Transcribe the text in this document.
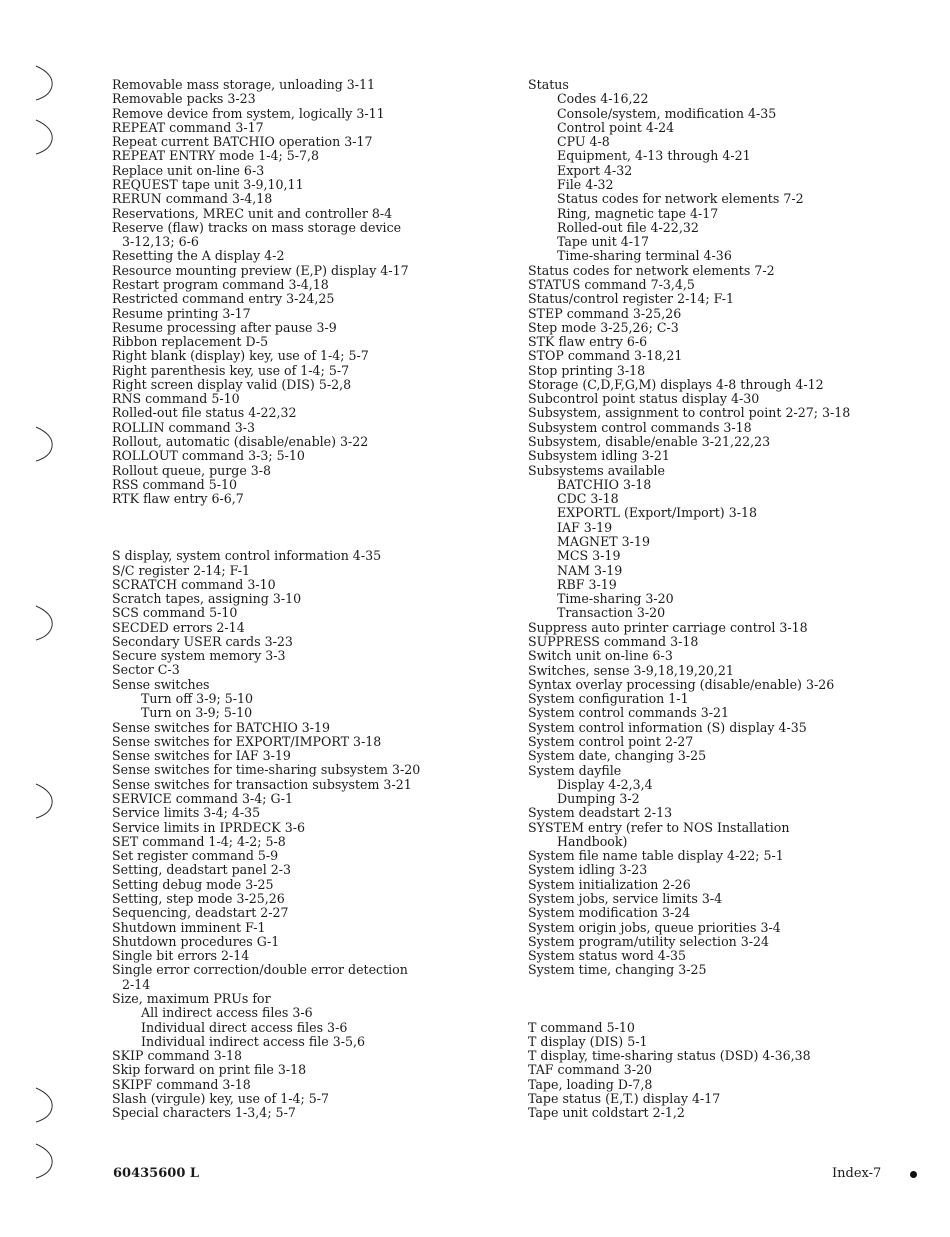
Removable mass storage, unloading 3-11
Removable packs 3-23
Remove device from system, logically 3-11
REPEAT command 3-17
Repeat current BATCHIO operation 3-17
REPEAT ENTRY mode 1-4; 5-7,8
Replace unit on-line 6-3
REQUEST tape unit 3-9,10,11
RERUN command 3-4,18
Reservations, MREC unit and controller 8-4
Reserve (flaw) tracks on mass storage device
3-12,13; 6-6
Resetting the A display 4-2
Resource mounting preview (E,P) display 4-17
Restart program command 3-4,18
Restricted command entry 3-24,25
Resume printing 3-17
Resume processing after pause 3-9
Ribbon replacement D-5
Right blank (display) key, use of 1-4; 5-7
Right parenthesis key, use of 1-4; 5-7
Right screen display valid (DIS) 5-2,8
RNS command 5-10
Rolled-out file status 4-22,32
ROLLIN command 3-3
Rollout, automatic (disable/enable) 3-22
ROLLOUT command 3-3; 5-10
Rollout queue, purge 3-8
RSS command 5-10
RTK flaw entry 6-6,7
S display, system control information 4-35
S/C register 2-14; F-1
SCRATCH command 3-10
Scratch tapes, assigning 3-10
SCS command 5-10
SECDED errors 2-14
Secondary USER cards 3-23
Secure system memory 3-3
Sector C-3
Sense switches
Turn off 3-9; 5-10
Turn on 3-9; 5-10
Sense switches for BATCHIO 3-19
Sense switches for EXPORT/IMPORT 3-18
Sense switches for IAF 3-19
Sense switches for time-sharing subsystem 3-20
Sense switches for transaction subsystem 3-21
SERVICE command 3-4; G-1
Service limits 3-4; 4-35
Service limits in IPRDECK 3-6
SET command 1-4; 4-2; 5-8
Set register command 5-9
Setting, deadstart panel 2-3
Setting debug mode 3-25
Setting, step mode 3-25,26
Sequencing, deadstart 2-27
Shutdown imminent F-1
Shutdown procedures G-1
Single bit errors 2-14
Single error correction/double error detection
2-14
Size, maximum PRUs for
All indirect access files 3-6
Individual direct access files 3-6
Individual indirect access file 3-5,6
SKIP command 3-18
Skip forward on print file 3-18
SKIPF command 3-18
Slash (virgule) key, use of 1-4; 5-7
Special characters 1-3,4; 5-7
Status
Codes 4-16,22
Console/system, modification 4-35
Control point 4-24
CPU 4-8
Equipment, 4-13 through 4-21
Export 4-32
File 4-32
Status codes for network elements 7-2
Ring, magnetic tape 4-17
Rolled-out file 4-22,32
Tape unit 4-17
Time-sharing terminal 4-36
Status codes for network elements 7-2
STATUS command 7-3,4,5
Status/control register 2-14; F-1
STEP command 3-25,26
Step mode 3-25,26; C-3
STK flaw entry 6-6
STOP command 3-18,21
Stop printing 3-18
Storage (C,D,F,G,M) displays 4-8 through 4-12
Subcontrol point status display 4-30
Subsystem, assignment to control point 2-27; 3-18
Subsystem control commands 3-18
Subsystem, disable/enable 3-21,22,23
Subsystem idling 3-21
Subsystems available
BATCHIO 3-18
CDC 3-18
EXPORTL (Export/Import) 3-18
IAF 3-19
MAGNET 3-19
MCS 3-19
NAM 3-19
RBF 3-19
Time-sharing 3-20
Transaction 3-20
Suppress auto printer carriage control 3-18
SUPPRESS command 3-18
Switch unit on-line 6-3
Switches, sense 3-9,18,19,20,21
Syntax overlay processing (disable/enable) 3-26
System configuration 1-1
System control commands 3-21
System control information (S) display 4-35
System control point 2-27
System date, changing 3-25
System dayfile
Display 4-2,3,4
Dumping 3-2
System deadstart 2-13
SYSTEM entry (refer to NOS Installation
Handbook)
System file name table display 4-22; 5-1
System idling 3-23
System initialization 2-26
System jobs, service limits 3-4
System modification 3-24
System origin jobs, queue priorities 3-4
System program/utility selection 3-24
System status word 4-35
System time, changing 3-25
T command 5-10
T display (DIS) 5-1
T display, time-sharing status (DSD) 4-36,38
TAF command 3-20
Tape, loading D-7,8
Tape status (E,T.) display 4-17
Tape unit coldstart 2-1,2
60435600 L	Index-7
